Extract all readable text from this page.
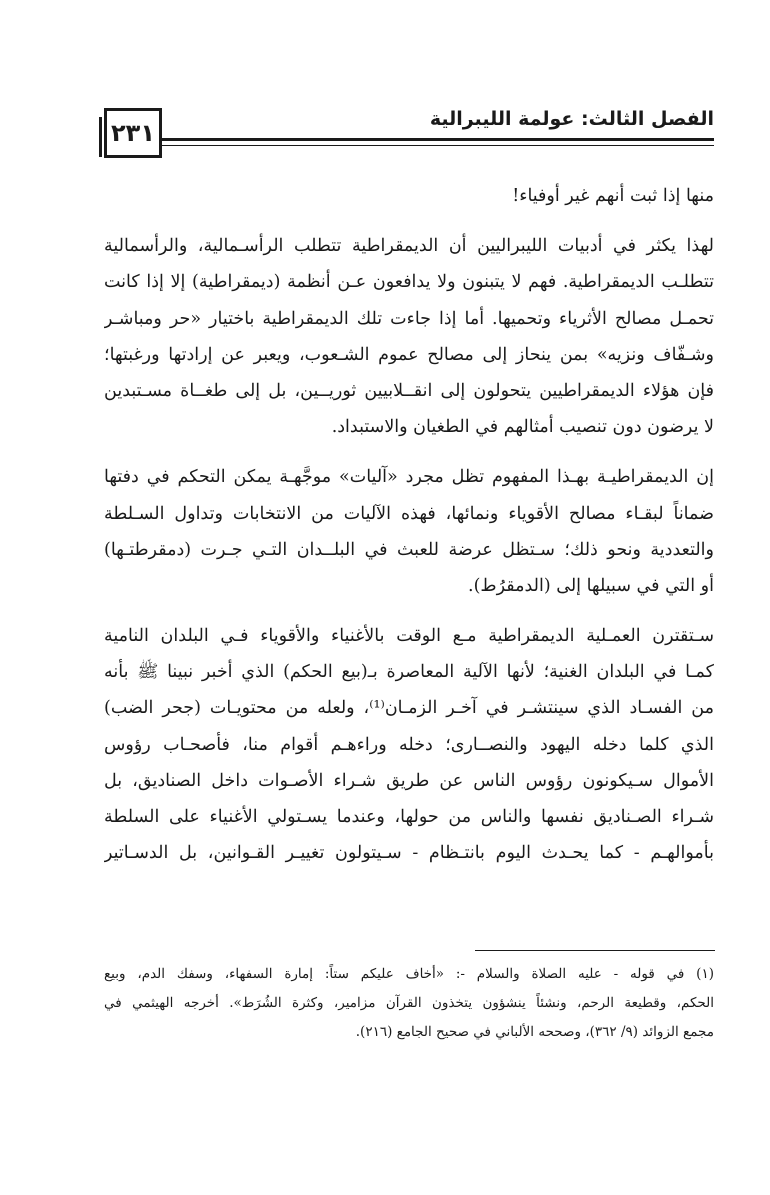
٢٣١	الفصل الثالث: عولمة الليبرالية
منها إذا ثبت أنهم غير أوفياء!
لهذا يكثر في أدبيات الليبراليين أن الديمقراطية تتطلب الرأسـمالية، والرأسمالية
تتطلـب الديمقراطية. فهم لا يتبنون ولا يدافعون عـن أنظمة (ديمقراطية) إلا إذا كانت
تحمـل مصالح الأثرياء وتحميها. أما إذا جاءت تلك الديمقراطية باختيار «حر ومباشـر
وشـفّاف ونزيه» بمن ينحاز إلى مصالح عموم الشـعوب، ويعبر عن إرادتها ورغبتها؛
فإن هؤلاء الديمقراطيين يتحولون إلى انقــلابيين ثوريــين، بل إلى طغــاة مسـتبدين
لا يرضون دون تنصيب أمثالهم في الطغيان والاستبداد.
إن الديمقراطيـة بهـذا المفهوم تظل مجرد «آليات» موجَّهـة يمكن التحكم في دفتها
ضماناً لبقـاء مصالح الأقوياء ونمائها، فهذه الآليات من الانتخابات وتداول السـلطة
والتعددية ونحو ذلك؛ سـتظل عرضة للعبث في البلــدان التـي جـرت (دمقرطتـها)
أو التي في سبيلها إلى (الدمقرُط).
سـتقترن العمـلية الديمقراطية مـع الوقت بالأغنياء والأقوياء فـي البلدان النامية
كمـا في البلدان الغنية؛ لأنها الآلية المعاصرة بـ(بيع الحكم) الذي أخبر نبينا ﷺ بأنه
من الفسـاد الذي سينتشـر في آخـر الزمـان⁽¹⁾، ولعله من محتويـات (جحر الضب)
الذي كلما دخله اليهود والنصــارى؛ دخله وراءهـم أقوام منا، فأصحـاب رؤوس
الأموال سـيكونون رؤوس الناس عن طريق شـراء الأصـوات داخل الصناديق، بل
شـراء الصـناديق نفسها والناس من حولها، وعندما يسـتولي الأغنياء على السلطة
بأموالهـم - كما يحـدث اليوم بانتـظام - سـيتولون تغييـر القـوانين، بل الدسـاتير
(١) في قوله - عليه الصلاة والسلام -: «أخاف عليكم ستاً: إمارة السفهاء، وسفك الدم، وبيع
الحكم، وقطيعة الرحم، ونشئاً ينشؤون يتخذون القرآن مزامير، وكثرة الشُرَط». أخرجه الهيثمي في
مجمع الزوائد (٩/ ٣٦٢)، وصححه الألباني في صحيح الجامع (٢١٦).
